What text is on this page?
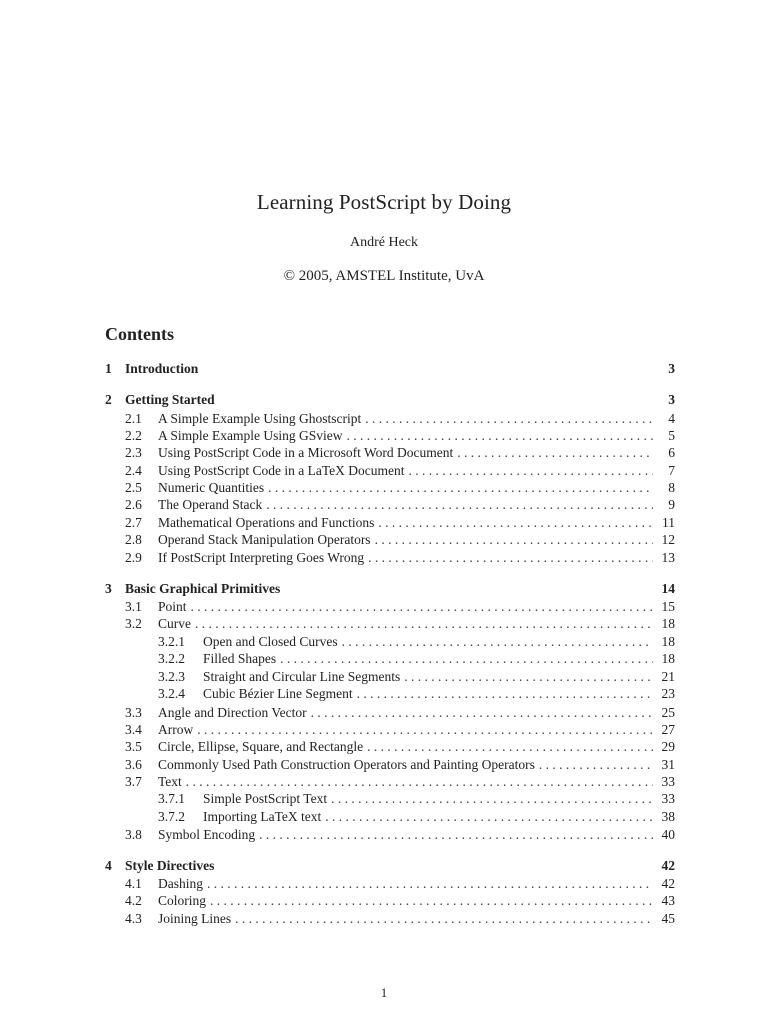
Learning PostScript by Doing
André Heck
© 2005, AMSTEL Institute, UvA
Contents
1 Introduction	3
2 Getting Started	3
2.1	A Simple Example Using Ghostscript . . .	4
2.2	A Simple Example Using GSview . . .	5
2.3	Using PostScript Code in a Microsoft Word Document . . .	6
2.4	Using PostScript Code in a LaTeX Document . . .	7
2.5	Numeric Quantities . . .	8
2.6	The Operand Stack . . .	9
2.7	Mathematical Operations and Functions . . .	11
2.8	Operand Stack Manipulation Operators . . .	12
2.9	If PostScript Interpreting Goes Wrong . . .	13
3 Basic Graphical Primitives	14
3.1	Point . . .	15
3.2	Curve . . .	18
3.2.1	Open and Closed Curves . . .	18
3.2.2	Filled Shapes . . .	18
3.2.3	Straight and Circular Line Segments . . .	21
3.2.4	Cubic Bézier Line Segment . . .	23
3.3	Angle and Direction Vector . . .	25
3.4	Arrow . . .	27
3.5	Circle, Ellipse, Square, and Rectangle . . .	29
3.6	Commonly Used Path Construction Operators and Painting Operators . . .	31
3.7	Text . . .	33
3.7.1	Simple PostScript Text . . .	33
3.7.2	Importing LaTeX text . . .	38
3.8	Symbol Encoding . . .	40
4 Style Directives	42
4.1	Dashing . . .	42
4.2	Coloring . . .	43
4.3	Joining Lines . . .	45
1
